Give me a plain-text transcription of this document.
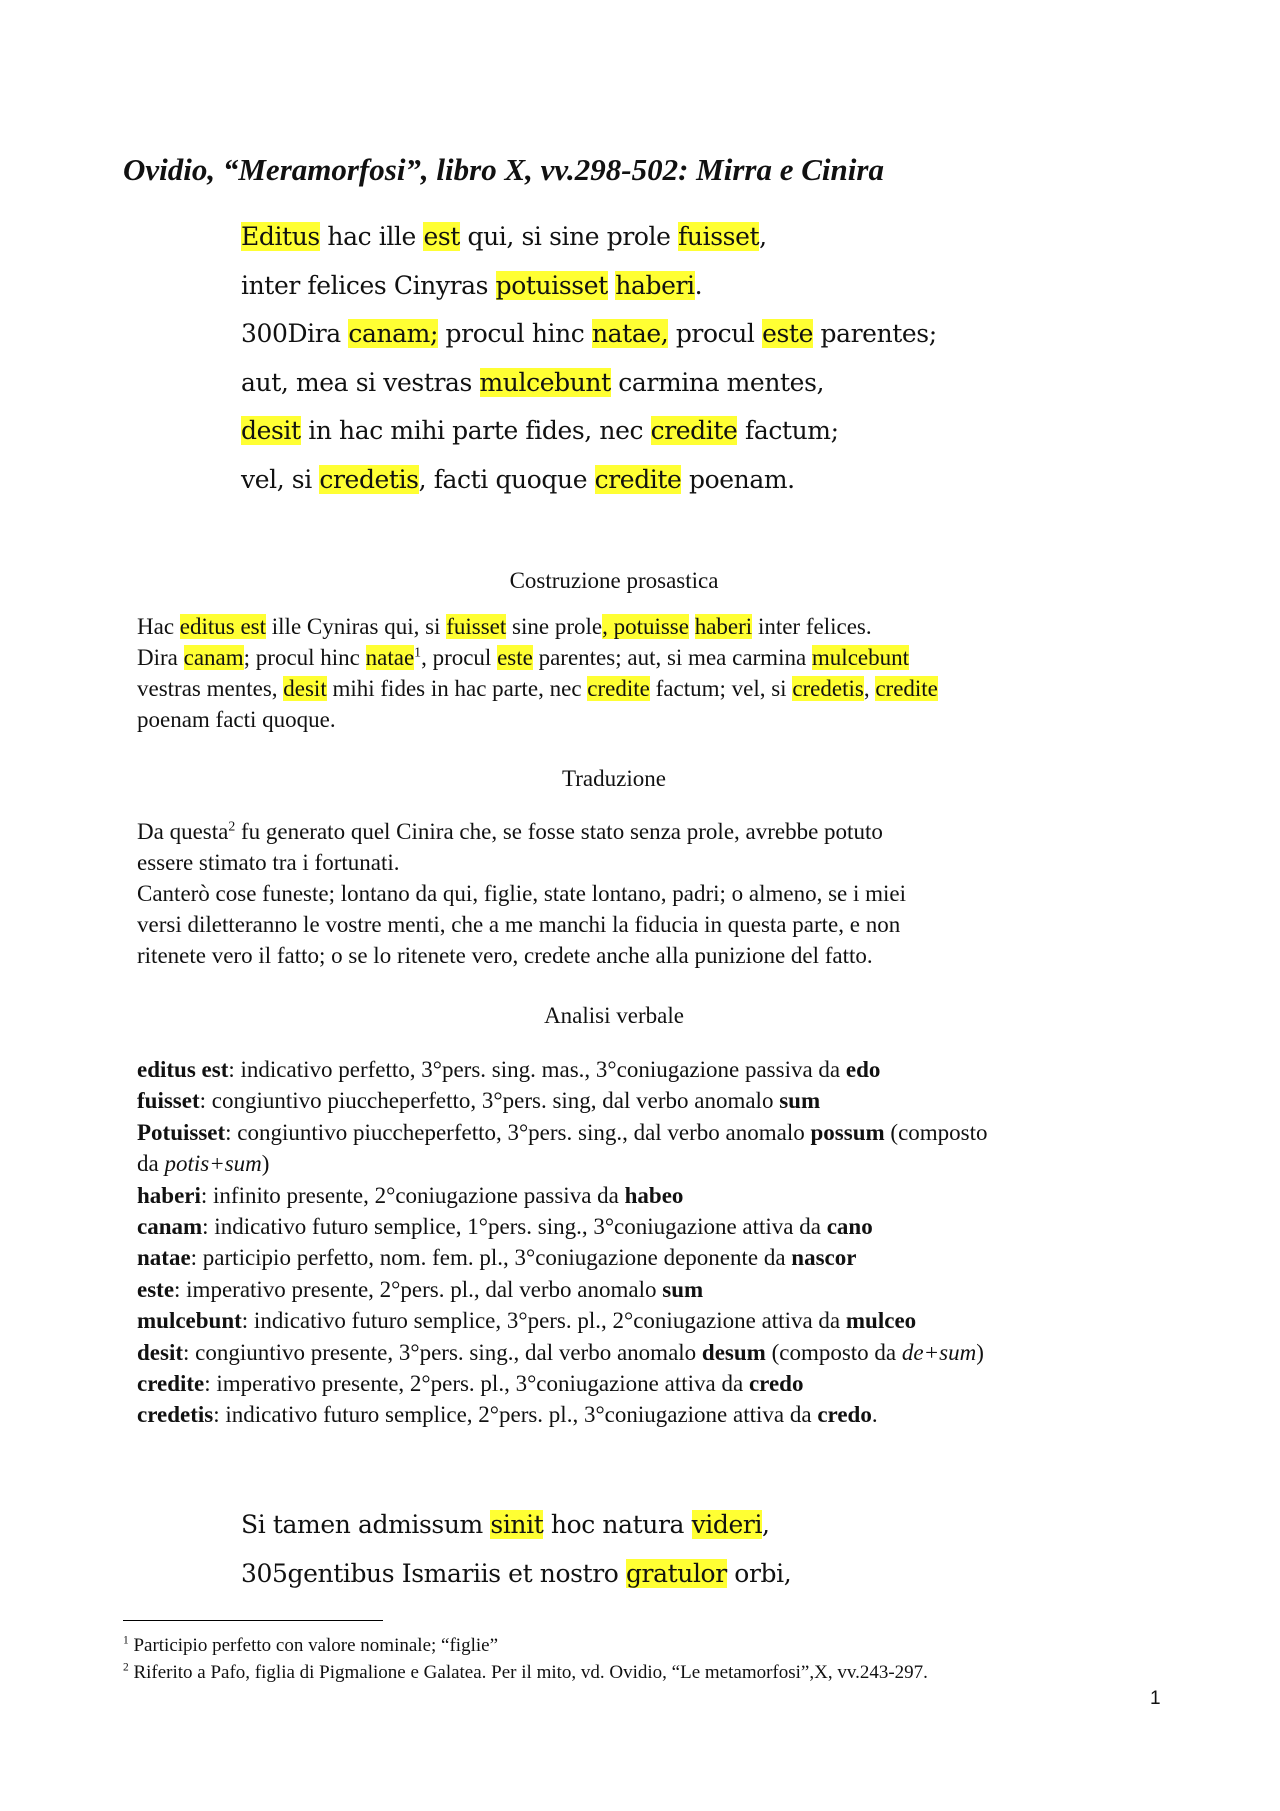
Ovidio, “Meramorfosi”, libro X, vv.298-502: Mirra e Cinira
Editus hac ille est qui, si sine prole fuisset,
inter felices Cinyras potuisset haberi.
300Dira canam; procul hinc natae, procul este parentes;
aut, mea si vestras mulcebunt carmina mentes,
desit in hac mihi parte fides, nec credite factum;
vel, si credetis, facti quoque credite poenam.
Costruzione prosastica

Hac editus est ille Cyniras qui, si fuisset sine prole, potuisse haberi inter felices.

Dira canam; procul hinc natae$^1$, procul este parentes; aut, si mea carmina mulcebunt

vestras mentes, desit mihi fides in hac parte, nec credite factum; vel, si credetis, credite

poenam facti quoque.

Traduzione

Da questa$^2$ fu generato quel Cinira che, se fosse stato senza prole, avrebbe potuto

essere stimato tra i fortunati.

Canterò cose funeste; lontano da qui, figlie, state lontano, padri; o almeno, se i miei

versi diletteranno le vostre menti, che a me manchi la fiducia in questa parte, e non

ritenete vero il fatto; o se lo ritenete vero, credete anche alla punizione del fatto.

Analisi verbale
editus est: indicativo perfetto, 3°pers. sing. mas., 3°coniugazione passiva da edo
fuisset: congiuntivo piuccheperfetto, 3°pers. sing, dal verbo anomalo sum
Potuisset: congiuntivo piuccheperfetto, 3°pers. sing., dal verbo anomalo possum (composto
da potis+sum)
haberi: infinito presente, 2°coniugazione passiva da habeo
canam: indicativo futuro semplice, 1°pers. sing., 3°coniugazione attiva da cano
natae: participio perfetto, nom. fem. pl., 3°coniugazione deponente da nascor
este: imperativo presente, 2°pers. pl., dal verbo anomalo sum
mulcebunt: indicativo futuro semplice, 3°pers. pl., 2°coniugazione attiva da mulceo
desit: congiuntivo presente, 3°pers. sing., dal verbo anomalo desum (composto da de+sum)
credite: imperativo presente, 2°pers. pl., 3°coniugazione attiva da credo
credetis: indicativo futuro semplice, 2°pers. pl., 3°coniugazione attiva da credo.
Si tamen admissum sinit hoc natura videri,
305gentibus Ismariis et nostro gratulor orbi,
$^1$ Participio perfetto con valore nominale; “figlie”
$^2$ Riferito a Pafo, figlia di Pigmalione e Galatea. Per il mito, vd. Ovidio, “Le metamorfosi”,X, vv.243-297.
1
